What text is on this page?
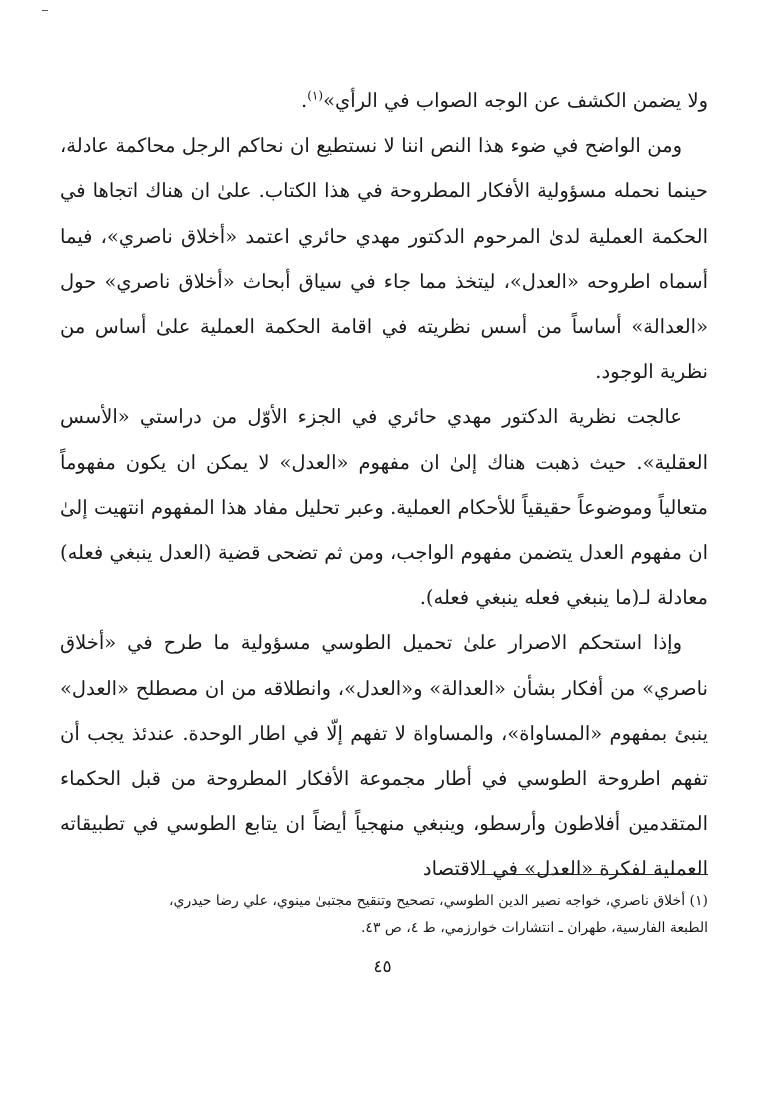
ولا يضمن الكشف عن الوجه الصواب في الرأي»$^{(١)}$.

ومن الواضح في ضوء هذا النص اننا لا نستطيع ان نحاكم الرجل محاكمة عادلة، حينما نحمله مسؤولية الأفكار المطروحة في هذا الكتاب. علىٰ ان هناك اتجاها في الحكمة العملية لدىٰ المرحوم الدكتور مهدي حائري اعتمد «أخلاق ناصري»، فيما أسماه اطروحه «العدل»، ليتخذ مما جاء في سياق أبحاث «أخلاق ناصري» حول «العدالة» أساساً من أسس نظريته في اقامة الحكمة العملية علىٰ أساس من نظرية الوجود.

عالجت نظرية الدكتور مهدي حائري في الجزء الأوّل من دراستي «الأسس العقلية». حيث ذهبت هناك إلىٰ ان مفهوم «العدل» لا يمكن ان يكون مفهوماً متعالياً وموضوعاً حقيقياً للأحكام العملية. وعبر تحليل مفاد هذا المفهوم انتهيت إلىٰ ان مفهوم العدل يتضمن مفهوم الواجب، ومن ثم تضحى قضية (العدل ينبغي فعله) معادلة لـ(ما ينبغي فعله ينبغي فعله).

وإذا استحكم الاصرار علىٰ تحميل الطوسي مسؤولية ما طرح في «أخلاق ناصري» من أفكار بشأن «العدالة» و«العدل»، وانطلاقه من ان مصطلح «العدل» ينبئ بمفهوم «المساواة»، والمساواة لا تفهم إلّا في اطار الوحدة. عندئذ يجب أن تفهم اطروحة الطوسي في أطار مجموعة الأفكار المطروحة من قبل الحكماء المتقدمين أفلاطون وأرسطو، وينبغي منهجياً أيضاً ان يتابع الطوسي في تطبيقاته العملية لفكرة «العدل» في الاقتصاد

(١) أخلاق ناصري، خواجه نصير الدين الطوسي، تصحيح وتنقيح مجتبىٰ مينوي، علي رضا حيدري،

الطبعة الفارسية، طهران ـ انتشارات خوارزمي، ط ٤، ص ٤٣.

٤٥
